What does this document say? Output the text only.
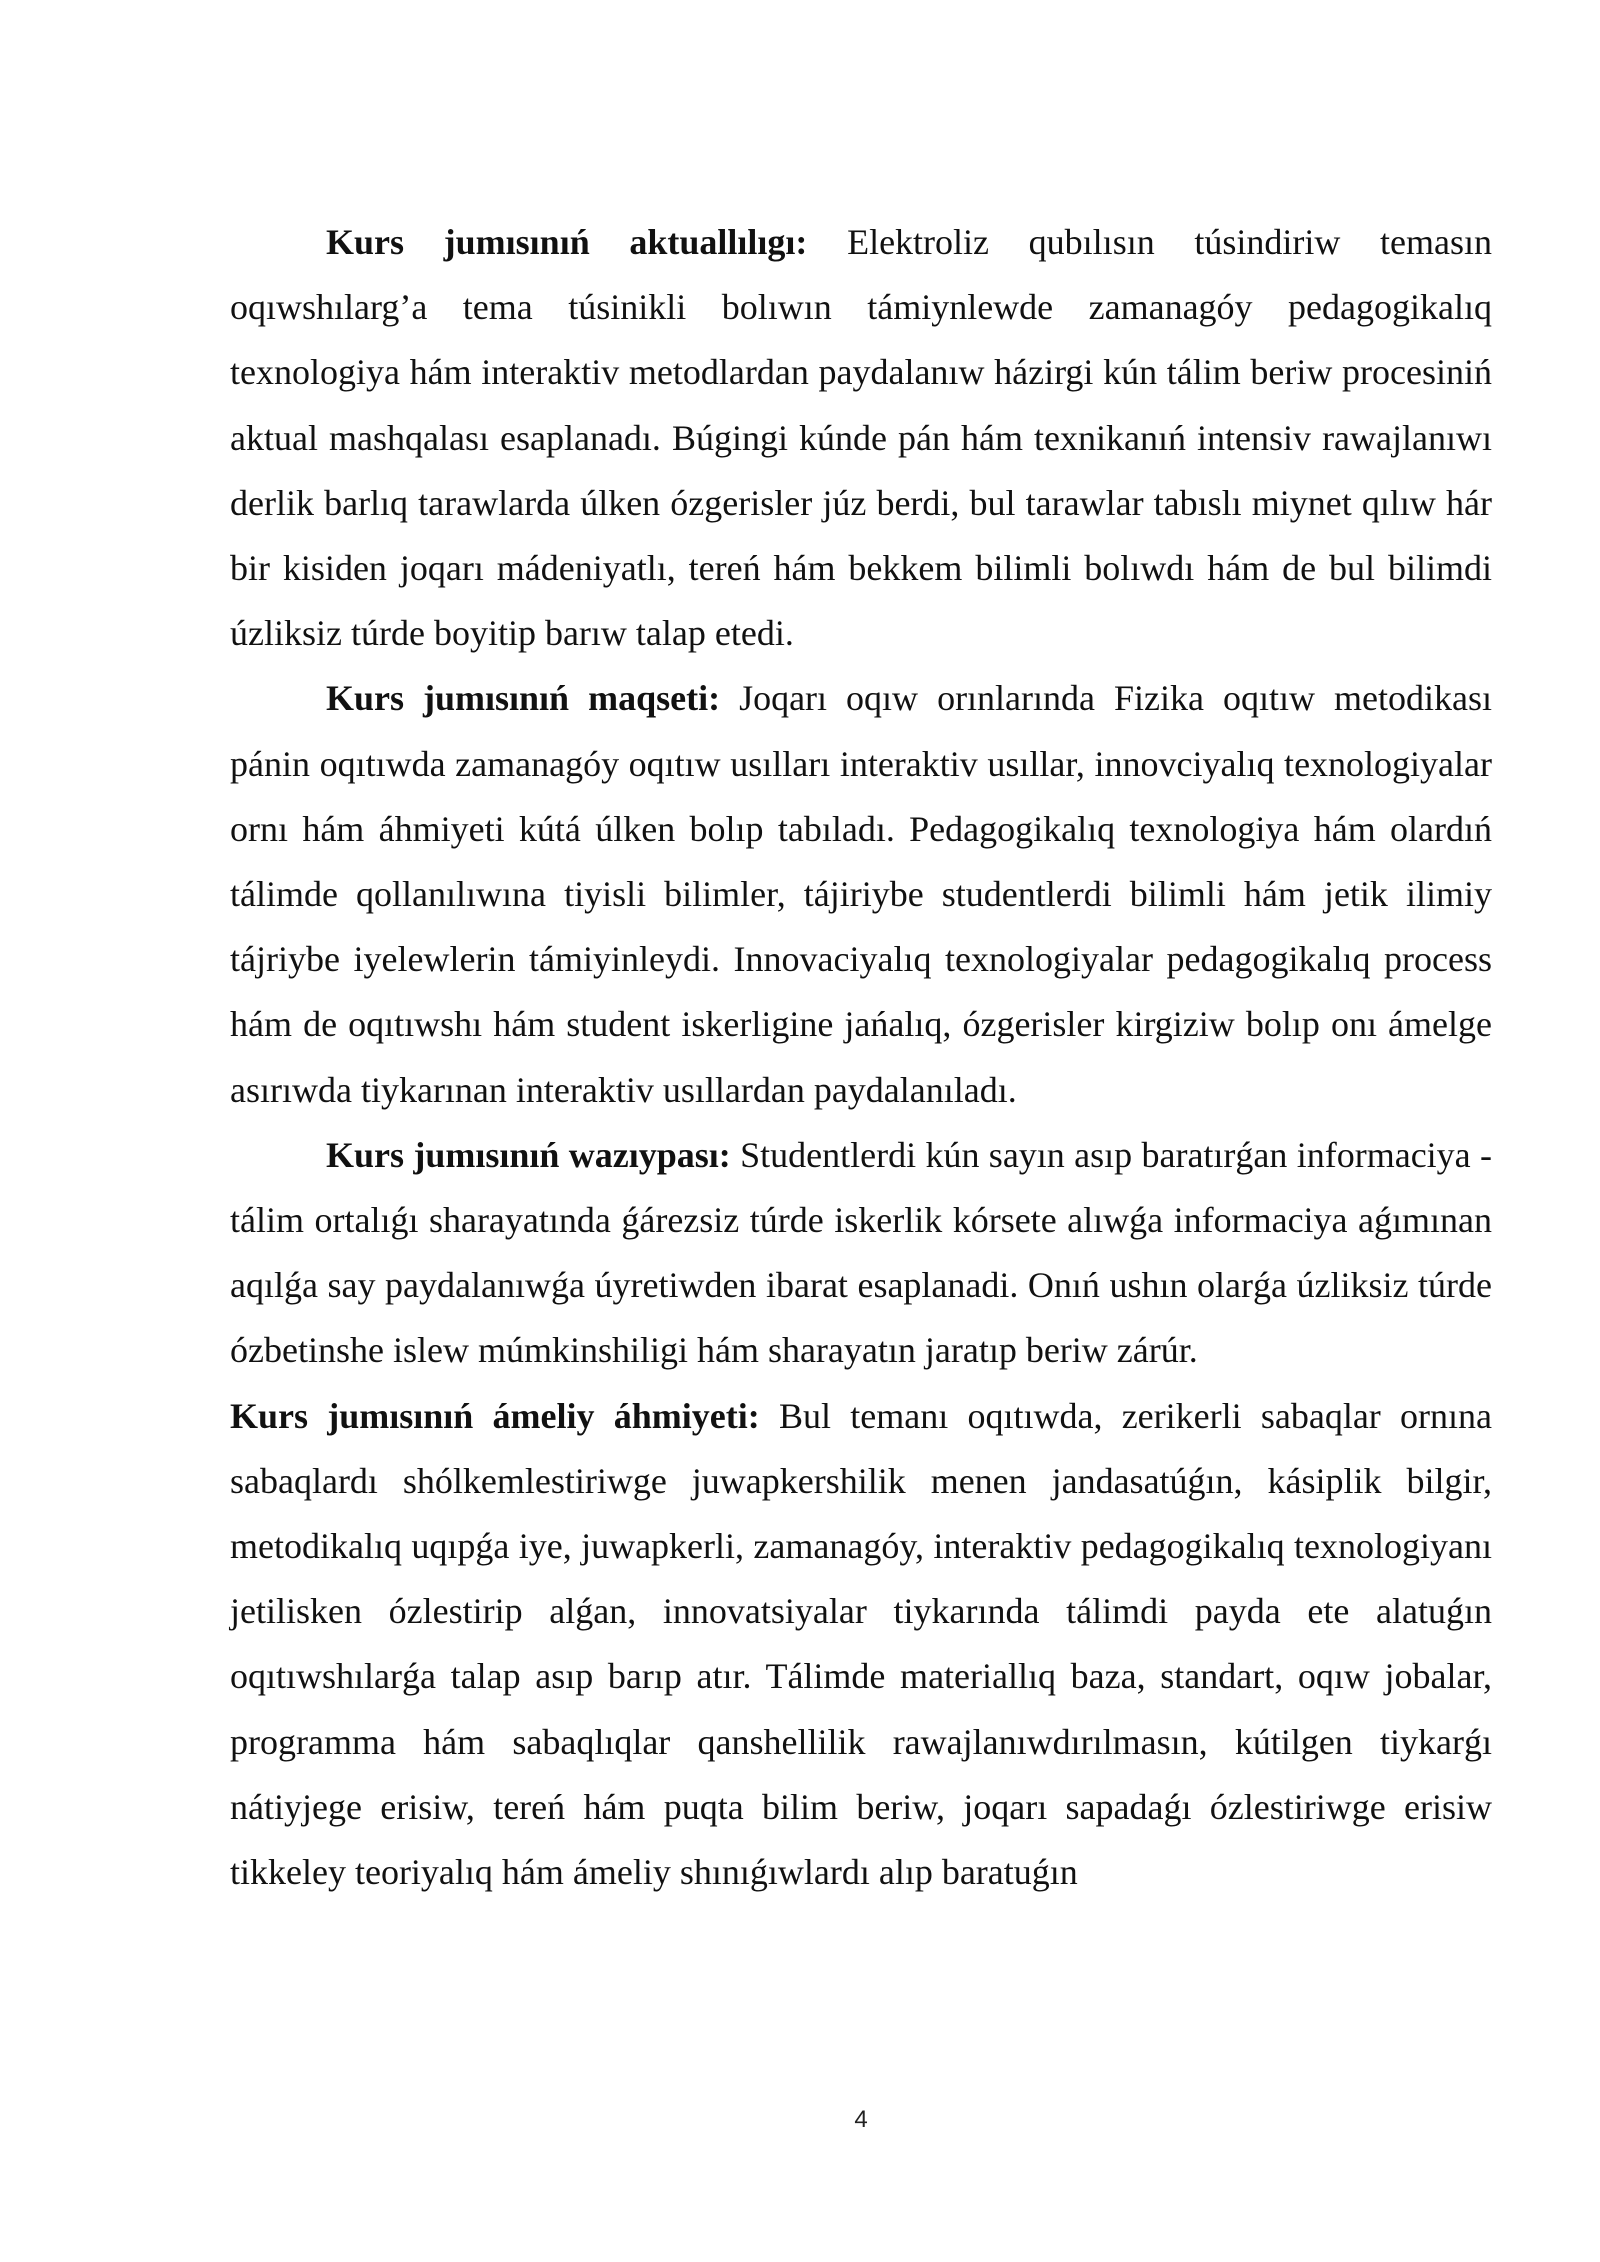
Kurs jumısınıń aktuallılıgı: Elektroliz qubılısın túsindiriw temasın oqıwshılarg’a tema túsinikli bolıwın támiynlewde zamanagóy pedagogikalıq texnologiya hám interaktiv metodlardan paydalanıw házirgi kún tálim beriw procesiniń aktual mashqalası esaplanadı. Búgingi kúnde pán hám texnikanıń intensiv rawajlanıwı derlik barlıq tarawlarda úlken ózgerisler júz berdi, bul tarawlar tabıslı miynet qılıw hár bir kisiden joqarı mádeniyatlı, tereń hám bekkem bilimli bolıwdı hám de bul bilimdi úzliksiz túrde boyitip barıw talap etedi.

Kurs jumısınıń maqseti: Joqarı oqıw orınlarında Fizika oqıtıw metodikası pánin oqıtıwda zamanagóy oqıtıw usılları interaktiv usıllar, innovciyalıq texnologiyalar ornı hám áhmiyeti kútá úlken bolıp tabıladı. Pedagogikalıq texnologiya hám olardıń tálimde qollanılıwına tiyisli bilimler, tájiriybe studentlerdi bilimli hám jetik ilimiy tájriybe iyelewlerin támiyinleydi. Innovaciyalıq texnologiyalar pedagogikalıq process hám de oqıtıwshı hám student iskerligine jańalıq, ózgerisler kirgiziw bolıp onı ámelge asırıwda tiykarınan interaktiv usıllardan paydalanıladı.

Kurs jumısınıń wazıypası: Studentlerdi kún sayın asıp baratırǵan informaciya -tálim ortalıǵı sharayatında ǵárezsiz túrde iskerlik kórsete alıwǵa informaciya aǵımınan aqılǵa say paydalanıwǵa úyretiwden ibarat esaplanadi. Onıń ushın olarǵa úzliksiz túrde ózbetinshe islew múmkinshiligi hám sharayatın jaratıp beriw zárúr.

Kurs jumısınıń ámeliy áhmiyeti: Bul temanı oqıtıwda, zerikerli sabaqlar ornına sabaqlardı shólkemlestiriwge juwapkershilik menen jandasatúǵın, kásiplik bilgir, metodikalıq uqıpǵa iye, juwapkerli, zamanagóy, interaktiv pedagogikalıq texnologiyanı jetilisken ózlestirip alǵan, innovatsiyalar tiykarında tálimdi payda ete alatuǵın oqıtıwshılarǵa talap asıp barıp atır. Tálimde materiallıq baza, standart, oqıw jobalar, programma hám sabaqlıqlar qanshellilik rawajlanıwdırılmasın, kútilgen tiykarǵı nátiyjege erisiw, tereń hám puqta bilim beriw, joqarı sapadaǵı ózlestiriwge erisiw tikkeley teoriyalıq hám ámeliy shınıǵıwlardı alıp baratuǵın

4
